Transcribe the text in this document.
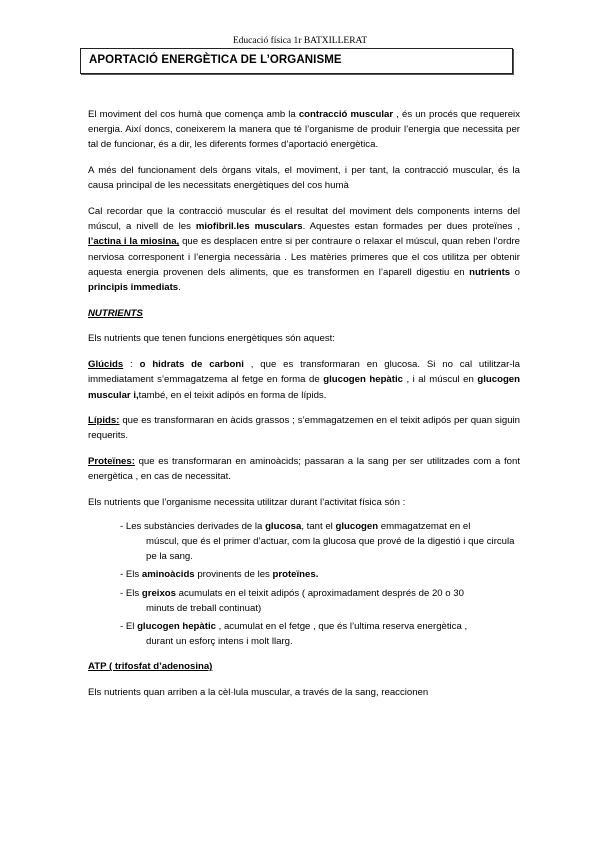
Educació física 1r BATXILLERAT
APORTACIÓ ENERGÈTICA DE L’ORGANISME

El moviment del cos humà que comença amb la contracció muscular , és un procés que requereix energia. Així doncs, coneixerem la manera que té l’organisme de produir l’energia que necessita per tal de funcionar, és a dir, les diferents formes d’aportació energètica.

A més del funcionament dels òrgans vitals, el moviment, i per tant, la contracció muscular, és la causa principal de les necessitats energètiques del cos humà

Cal recordar que la contracció muscular és el resultat del moviment dels components interns del múscul, a nivell de les miofibril.les musculars. Aquestes estan formades per dues proteïnes , l’actina i la miosina, que es desplacen entre si per contraure o relaxar el múscul, quan reben l’ordre nerviosa corresponent i l’energia necessària . Les matèries primeres que el cos utilitza per obtenir aquesta energia provenen dels aliments, que es transformen en l’aparell digestiu en nutrients o principis immediats.

NUTRIENTS

Els nutrients que tenen funcions energètiques són aquest:

Glúcids : o hidrats de carboni , que es transformaran en glucosa. Si no cal utilitzar-la immediatament s’emmagatzema al fetge en forma de glucogen hepàtic , i al múscul en glucogen muscular i,també, en el teixit adipós en forma de lípids.

Lípids: que es transformaran en àcids grassos ; s’emmagatzemen en el teixit adipós per quan siguin requerits.

Proteïnes: que es transformaran en aminoàcids; passaran a la sang per ser utilitzades com a font energètica , en cas de necessitat.

Els nutrients que l’organisme necessita utilitzar durant l’activitat física són :

- Les substàncies derivades de la glucosa, tant el glucogen emmagatzemat en el
múscul, que és el primer d’actuar, com la glucosa que prové de la digestió i que circula pe la sang.
- Els aminoàcids provinents de les proteïnes.
- Els greixos acumulats en el teixit adipós ( aproximadament després de 20 o 30
minuts de treball continuat)
- El glucogen hepàtic , acumulat en el fetge , que és l’ultima reserva energètica ,
durant un esforç intens i molt llarg.
ATP ( trifosfat d’adenosina)

Els nutrients quan arriben a la cèl·lula muscular, a través de la sang, reaccionen
